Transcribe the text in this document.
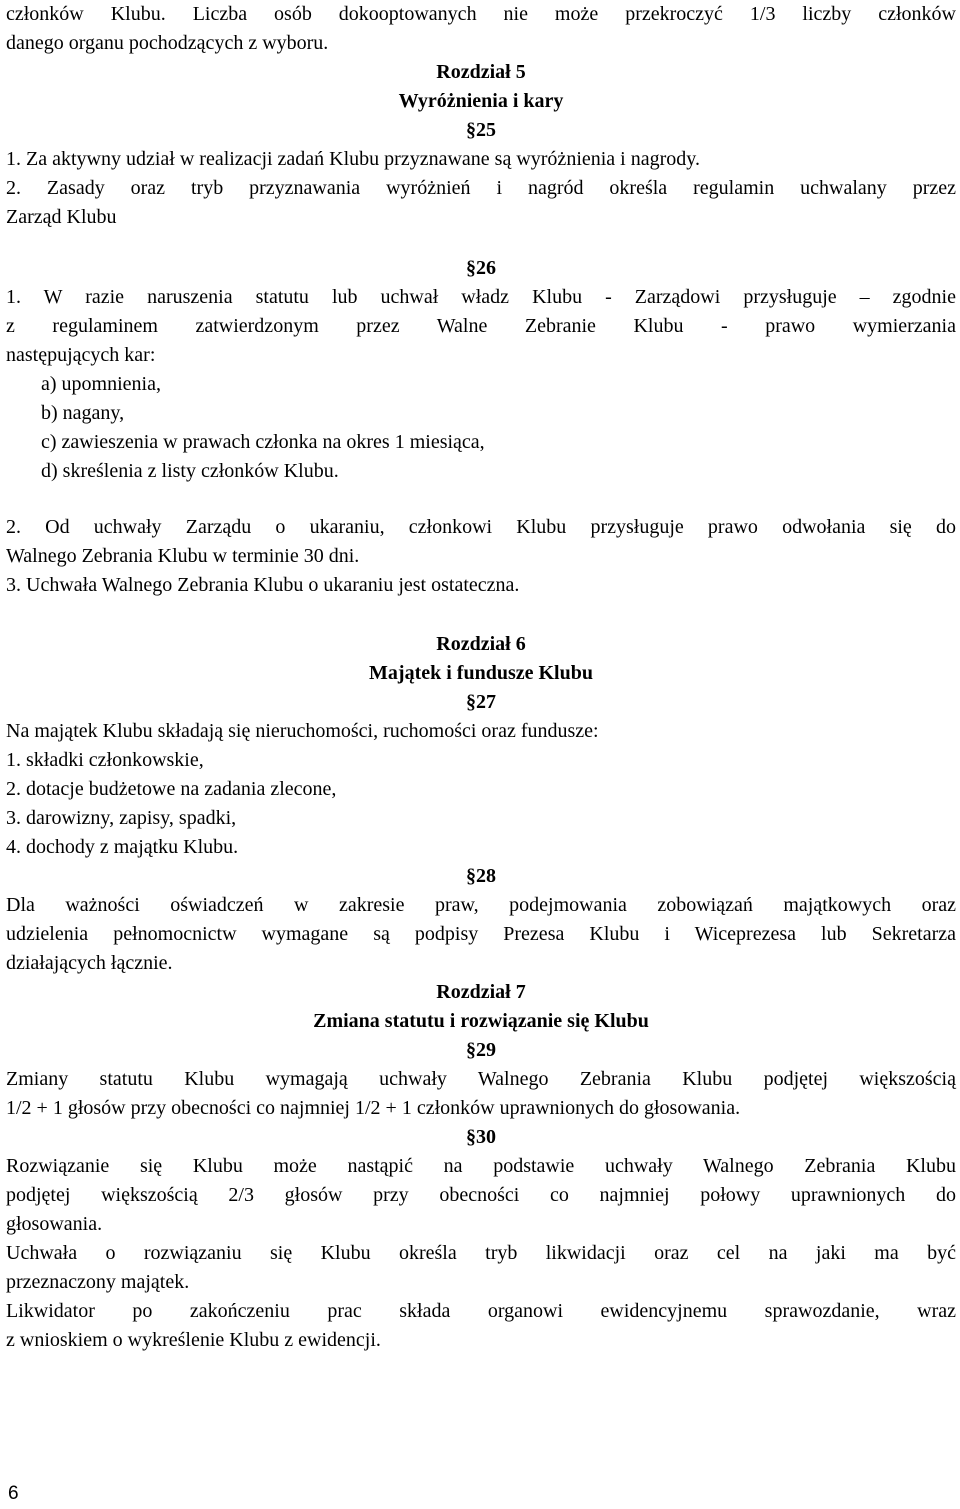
członków Klubu. Liczba osób dokooptowanych nie może przekroczyć 1/3 liczby członków
danego organu pochodzących z wyboru.
Rozdział 5
Wyróżnienia i kary
§25
1. Za aktywny udział w realizacji zadań Klubu przyznawane są wyróżnienia i nagrody.
2. Zasady oraz tryb przyznawania wyróżnień i nagród określa regulamin uchwalany przez
Zarząd Klubu
§26
1. W razie naruszenia statutu lub uchwał władz Klubu - Zarządowi przysługuje – zgodnie
z regulaminem zatwierdzonym przez Walne Zebranie Klubu - prawo wymierzania
następujących kar:
a) upomnienia,
b) nagany,
c) zawieszenia w prawach członka na okres 1 miesiąca,
d) skreślenia z listy członków Klubu.
2. Od uchwały Zarządu o ukaraniu, członkowi Klubu przysługuje prawo odwołania się do
Walnego Zebrania Klubu w terminie 30 dni.
3. Uchwała Walnego Zebrania Klubu o ukaraniu jest ostateczna.
Rozdział 6
Majątek i fundusze Klubu
§27
Na majątek Klubu składają się nieruchomości, ruchomości oraz fundusze:
1. składki członkowskie,
2. dotacje budżetowe na zadania zlecone,
3. darowizny, zapisy, spadki,
4. dochody z majątku Klubu.
§28
Dla ważności oświadczeń w zakresie praw, podejmowania zobowiązań majątkowych oraz
udzielenia pełnomocnictw wymagane są podpisy Prezesa Klubu i Wiceprezesa lub Sekretarza
działających łącznie.
Rozdział 7
Zmiana statutu i rozwiązanie się Klubu
§29
Zmiany statutu Klubu wymagają uchwały Walnego Zebrania Klubu podjętej większością
1/2 + 1 głosów przy obecności co najmniej 1/2 + 1 członków uprawnionych do głosowania.
§30
Rozwiązanie się Klubu może nastąpić na podstawie uchwały Walnego Zebrania Klubu
podjętej większością 2/3 głosów przy obecności co najmniej połowy uprawnionych do
głosowania.
Uchwała o rozwiązaniu się Klubu określa tryb likwidacji oraz cel na jaki ma być
przeznaczony majątek.
Likwidator po zakończeniu prac składa organowi ewidencyjnemu sprawozdanie, wraz
z wnioskiem o wykreślenie Klubu z ewidencji.
6
